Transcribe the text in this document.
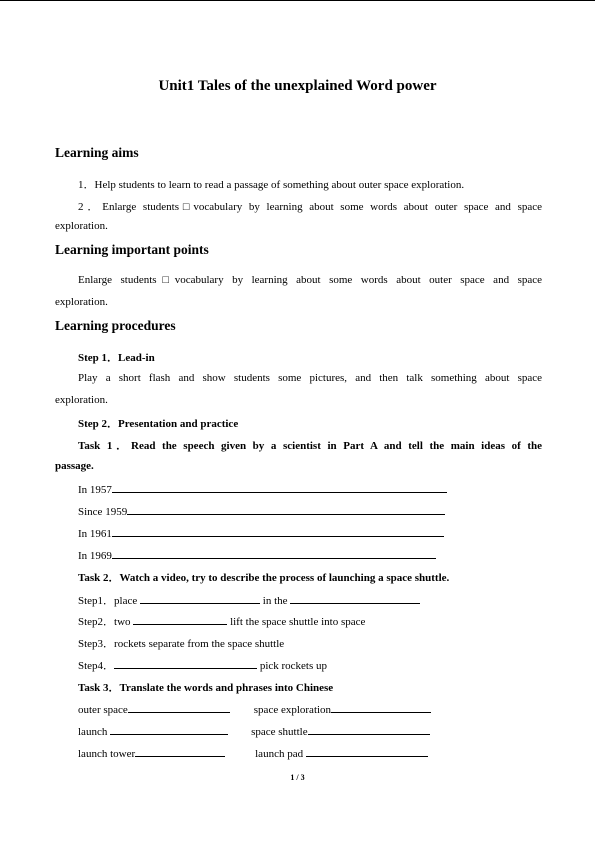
Unit1 Tales of the unexplained Word power
Learning aims
1．Help students to learn to read a passage of something about outer space exploration.
2．Enlarge students□vocabulary by learning about some words about outer space and space
exploration.
Learning important points
Enlarge students□vocabulary by learning about some words about outer space and space
exploration.
Learning procedures
Step 1．Lead-in
Play a short flash and show students some pictures, and then talk something about space
exploration.
Step 2．Presentation and practice
Task 1．Read the speech given by a scientist in Part A and tell the main ideas of the
passage.
In 1957
Since 1959
In 1961
In 1969
Task 2．Watch a video, try to describe the process of launching a space shuttle.
Step1．place	in the
Step2．two	lift the space shuttle into space
Step3．rockets separate from the space shuttle
Step4．	pick rockets up
Task 3．Translate the words and phrases into Chinese
outer space	space exploration
launch	space shuttle
launch tower	launch pad
1 / 3
